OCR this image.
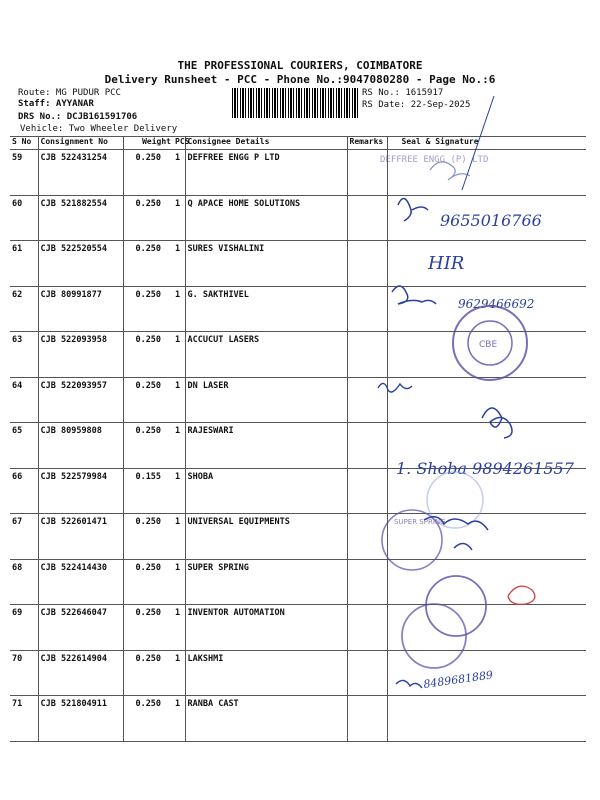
THE PROFESSIONAL COURIERS, COIMBATORE
Delivery Runsheet - PCC - Phone No.:9047080280 - Page No.:6
Route: MG PUDUR PCC
Staff: AYYANAR
DRS No.: DCJB161591706
Vehicle: Two Wheeler Delivery
RS No.: 1615917
RS Date: 22-Sep-2025
S No	Consignment No	Weight	PCS	Consignee Details	Remarks	Seal & Signature
59	CJB 522431254	0.250	1	DEFFREE ENGG P LTD		
60	CJB 521882554	0.250	1	Q APACE HOME SOLUTIONS		
61	CJB 522520554	0.250	1	SURES VISHALINI		
62	CJB 80991877	0.250	1	G. SAKTHIVEL		
63	CJB 522093958	0.250	1	ACCUCUT LASERS		
64	CJB 522093957	0.250	1	DN LASER		
65	CJB 80959808	0.250	1	RAJESWARI		
66	CJB 522579984	0.155	1	SHOBA		
67	CJB 522601471	0.250	1	UNIVERSAL EQUIPMENTS		
68	CJB 522414430	0.250	1	SUPER SPRING		
69	CJB 522646047	0.250	1	INVENTOR AUTOMATION		
70	CJB 522614904	0.250	1	LAKSHMI		
71	CJB 521804911	0.250	1	RANBA CAST		
DEFFREE ENGG (P) LTD
9655016766
HIR
9629466692
CBE
1. Shoba 9894261557
SUPER SPRING
8489681889
